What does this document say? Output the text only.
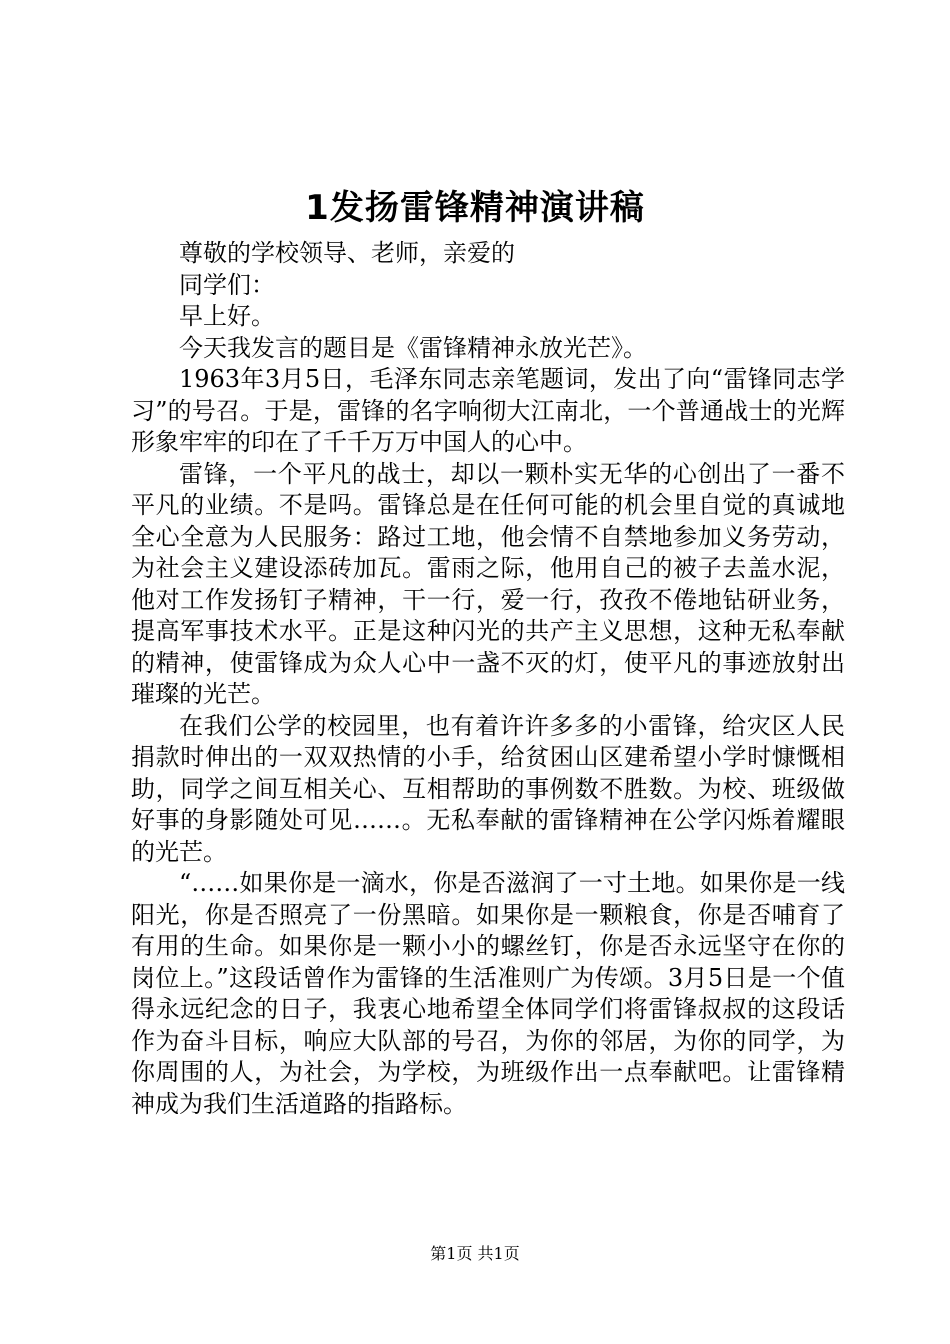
1发扬雷锋精神演讲稿

尊敬的学校领导、老师，亲爱的

同学们：

早上好。

今天我发言的题目是《雷锋精神永放光芒》。

1963年3月5日，毛泽东同志亲笔题词，发出了向“雷锋同志学习”的号召。于是，雷锋的名字响彻大江南北，一个普通战士的光辉形象牢牢的印在了千千万万中国人的心中。

雷锋，一个平凡的战士，却以一颗朴实无华的心创出了一番不平凡的业绩。不是吗。雷锋总是在任何可能的机会里自觉的真诚地全心全意为人民服务：路过工地，他会情不自禁地参加义务劳动，为社会主义建设添砖加瓦。雷雨之际，他用自己的被子去盖水泥，他对工作发扬钉子精神，干一行，爱一行，孜孜不倦地钻研业务，提高军事技术水平。正是这种闪光的共产主义思想，这种无私奉献的精神，使雷锋成为众人心中一盏不灭的灯，使平凡的事迹放射出璀璨的光芒。

在我们公学的校园里，也有着许许多多的小雷锋，给灾区人民捐款时伸出的一双双热情的小手，给贫困山区建希望小学时慷慨相助，同学之间互相关心、互相帮助的事例数不胜数。为校、班级做好事的身影随处可见……。无私奉献的雷锋精神在公学闪烁着耀眼的光芒。

“……如果你是一滴水，你是否滋润了一寸土地。如果你是一线阳光，你是否照亮了一份黑暗。如果你是一颗粮食，你是否哺育了有用的生命。如果你是一颗小小的螺丝钉，你是否永远坚守在你的岗位上。”这段话曾作为雷锋的生活准则广为传颂。3月5日是一个值得永远纪念的日子，我衷心地希望全体同学们将雷锋叔叔的这段话作为奋斗目标，响应大队部的号召，为你的邻居，为你的同学，为你周围的人，为社会，为学校，为班级作出一点奉献吧。让雷锋精神成为我们生活道路的指路标。

第1页 共1页
